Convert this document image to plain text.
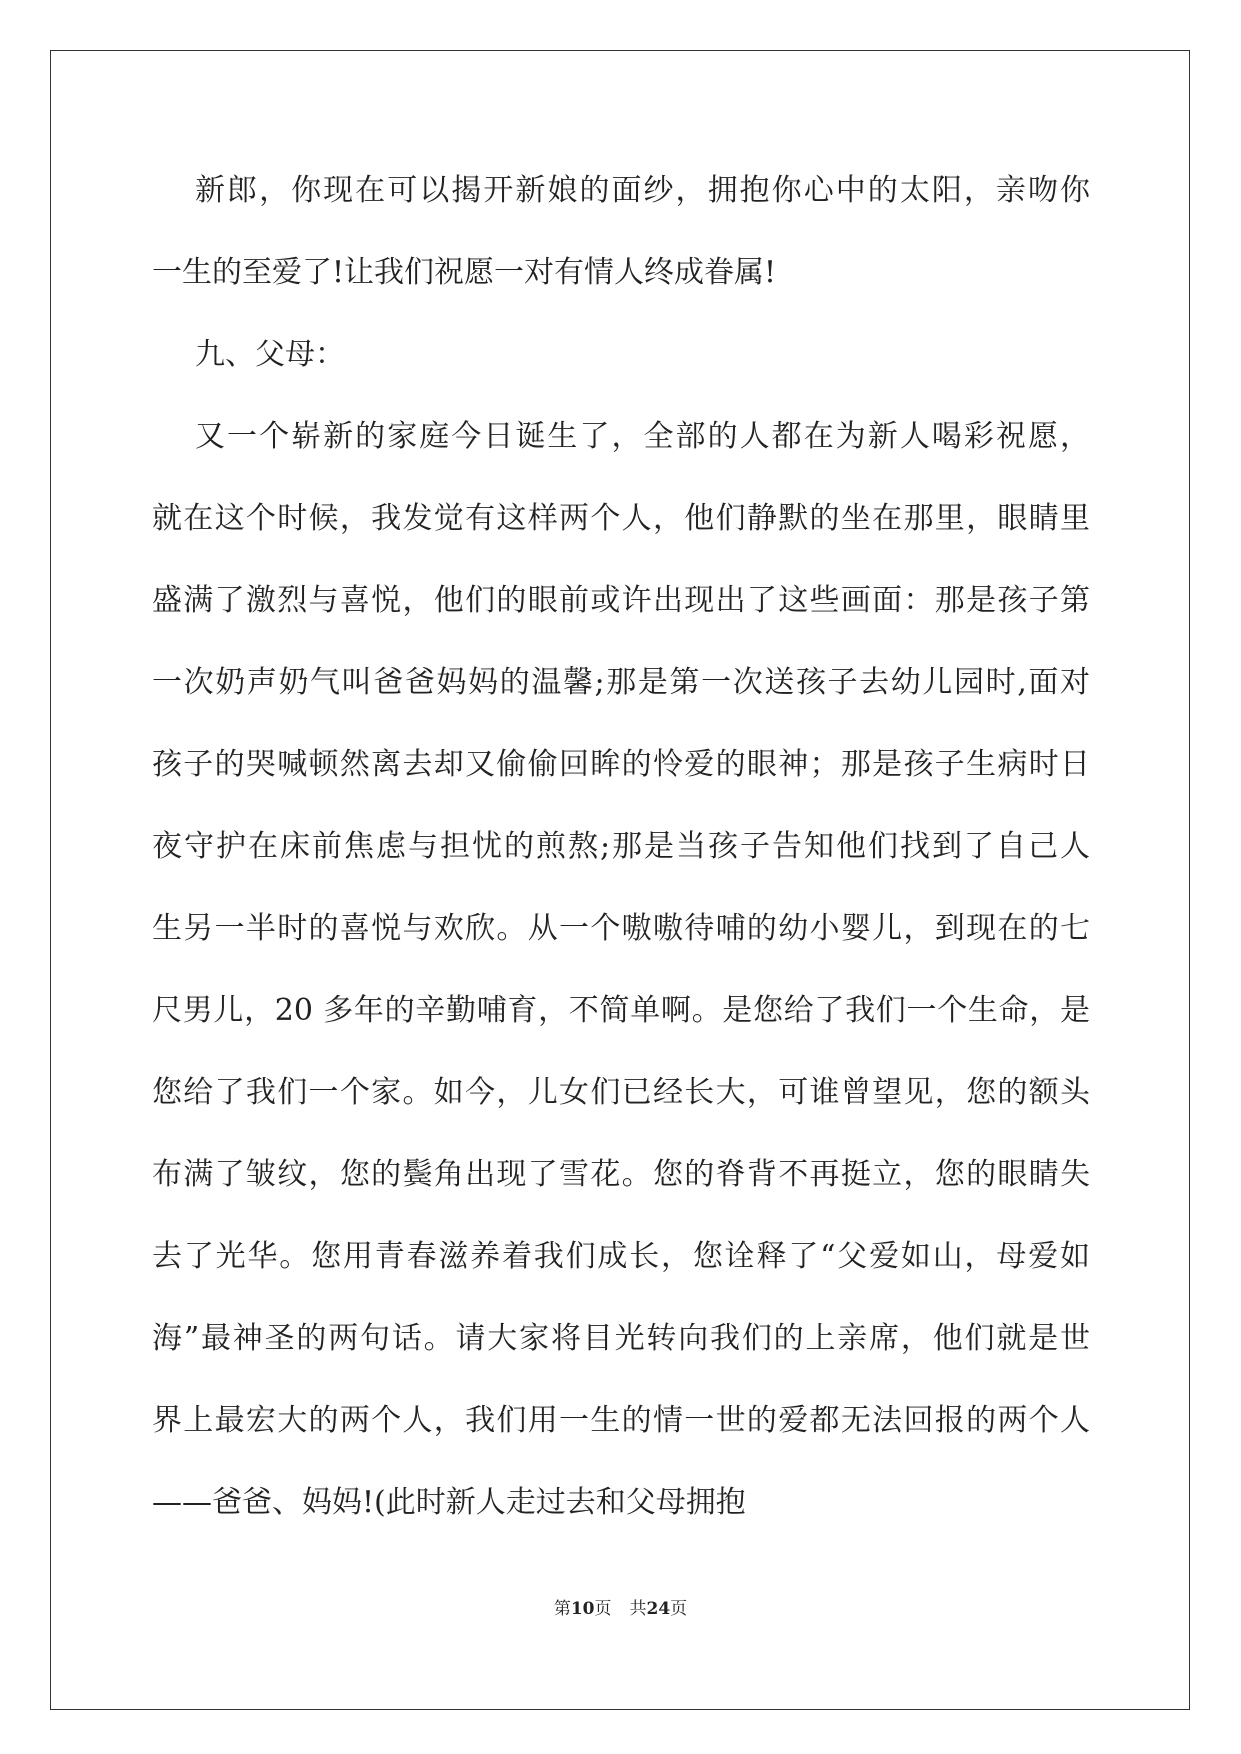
新郎，你现在可以揭开新娘的面纱，拥抱你心中的太阳，亲吻你
一生的至爱了!让我们祝愿一对有情人终成眷属!
九、父母：
又一个崭新的家庭今日诞生了，全部的人都在为新人喝彩祝愿，
就在这个时候，我发觉有这样两个人，他们静默的坐在那里，眼睛里
盛满了激烈与喜悦，他们的眼前或许出现出了这些画面：那是孩子第
一次奶声奶气叫爸爸妈妈的温馨;那是第一次送孩子去幼儿园时,面对
孩子的哭喊顿然离去却又偷偷回眸的怜爱的眼神；那是孩子生病时日
夜守护在床前焦虑与担忧的煎熬;那是当孩子告知他们找到了自己人
生另一半时的喜悦与欢欣。从一个嗷嗷待哺的幼小婴儿，到现在的七
尺男儿，20 多年的辛勤哺育，不简单啊。是您给了我们一个生命，是
您给了我们一个家。如今，儿女们已经长大，可谁曾望见，您的额头
布满了皱纹，您的鬓角出现了雪花。您的脊背不再挺立，您的眼睛失
去了光华。您用青春滋养着我们成长，您诠释了“父爱如山，母爱如
海”最神圣的两句话。请大家将目光转向我们的上亲席，他们就是世
界上最宏大的两个人，我们用一生的情一世的爱都无法回报的两个人
——爸爸、妈妈!(此时新人走过去和父母拥抱
第10页 共24页
